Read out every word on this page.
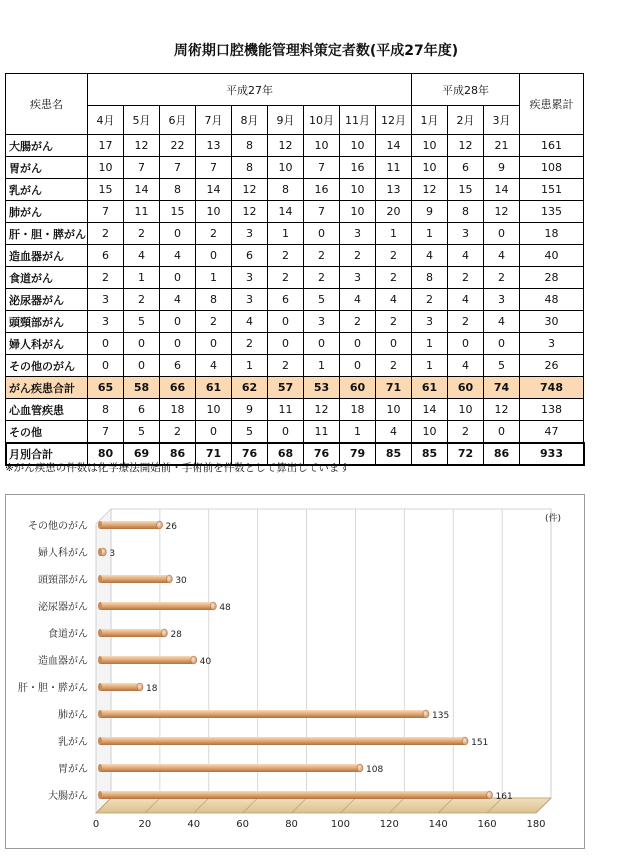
周術期口腔機能管理料策定者数(平成27年度)
疾患名	平成27年									平成28年			疾患累計
	4月	5月	6月	7月	8月	9月	10月	11月	12月	1月	2月	3月	
大腸がん	17	12	22	13	8	12	10	10	14	10	12	21	161
胃がん	10	7	7	7	8	10	7	16	11	10	6	9	108
乳がん	15	14	8	14	12	8	16	10	13	12	15	14	151
肺がん	7	11	15	10	12	14	7	10	20	9	8	12	135
肝・胆・膵がん	2	2	0	2	3	1	0	3	1	1	3	0	18
造血器がん	6	4	4	0	6	2	2	2	2	4	4	4	40
食道がん	2	1	0	1	3	2	2	3	2	8	2	2	28
泌尿器がん	3	2	4	8	3	6	5	4	4	2	4	3	48
頭頸部がん	3	5	0	2	4	0	3	2	2	3	2	4	30
婦人科がん	0	0	0	0	2	0	0	0	0	1	0	0	3
その他のがん	0	0	6	4	1	2	1	0	2	1	4	5	26
がん疾患合計	65	58	66	61	62	57	53	60	71	61	60	74	748
心血管疾患	8	6	18	10	9	11	12	18	10	14	10	12	138
その他	7	5	2	0	5	0	11	1	4	10	2	0	47
月別合計	80	69	86	71	76	68	76	79	85	85	72	86	933
※がん疾患の件数は化学療法開始前・手術前を件数として算出しています
0	20	40	60	80	100	120	140	160	180
(件)
その他のがん	26
婦人科がん 3
頭頸部がん	30
泌尿器がん	48
食道がん	28
造血器がん	40
肝・胆・膵がん	18
肺がん	135
乳がん	151
胃がん	108
大腸がん	161
